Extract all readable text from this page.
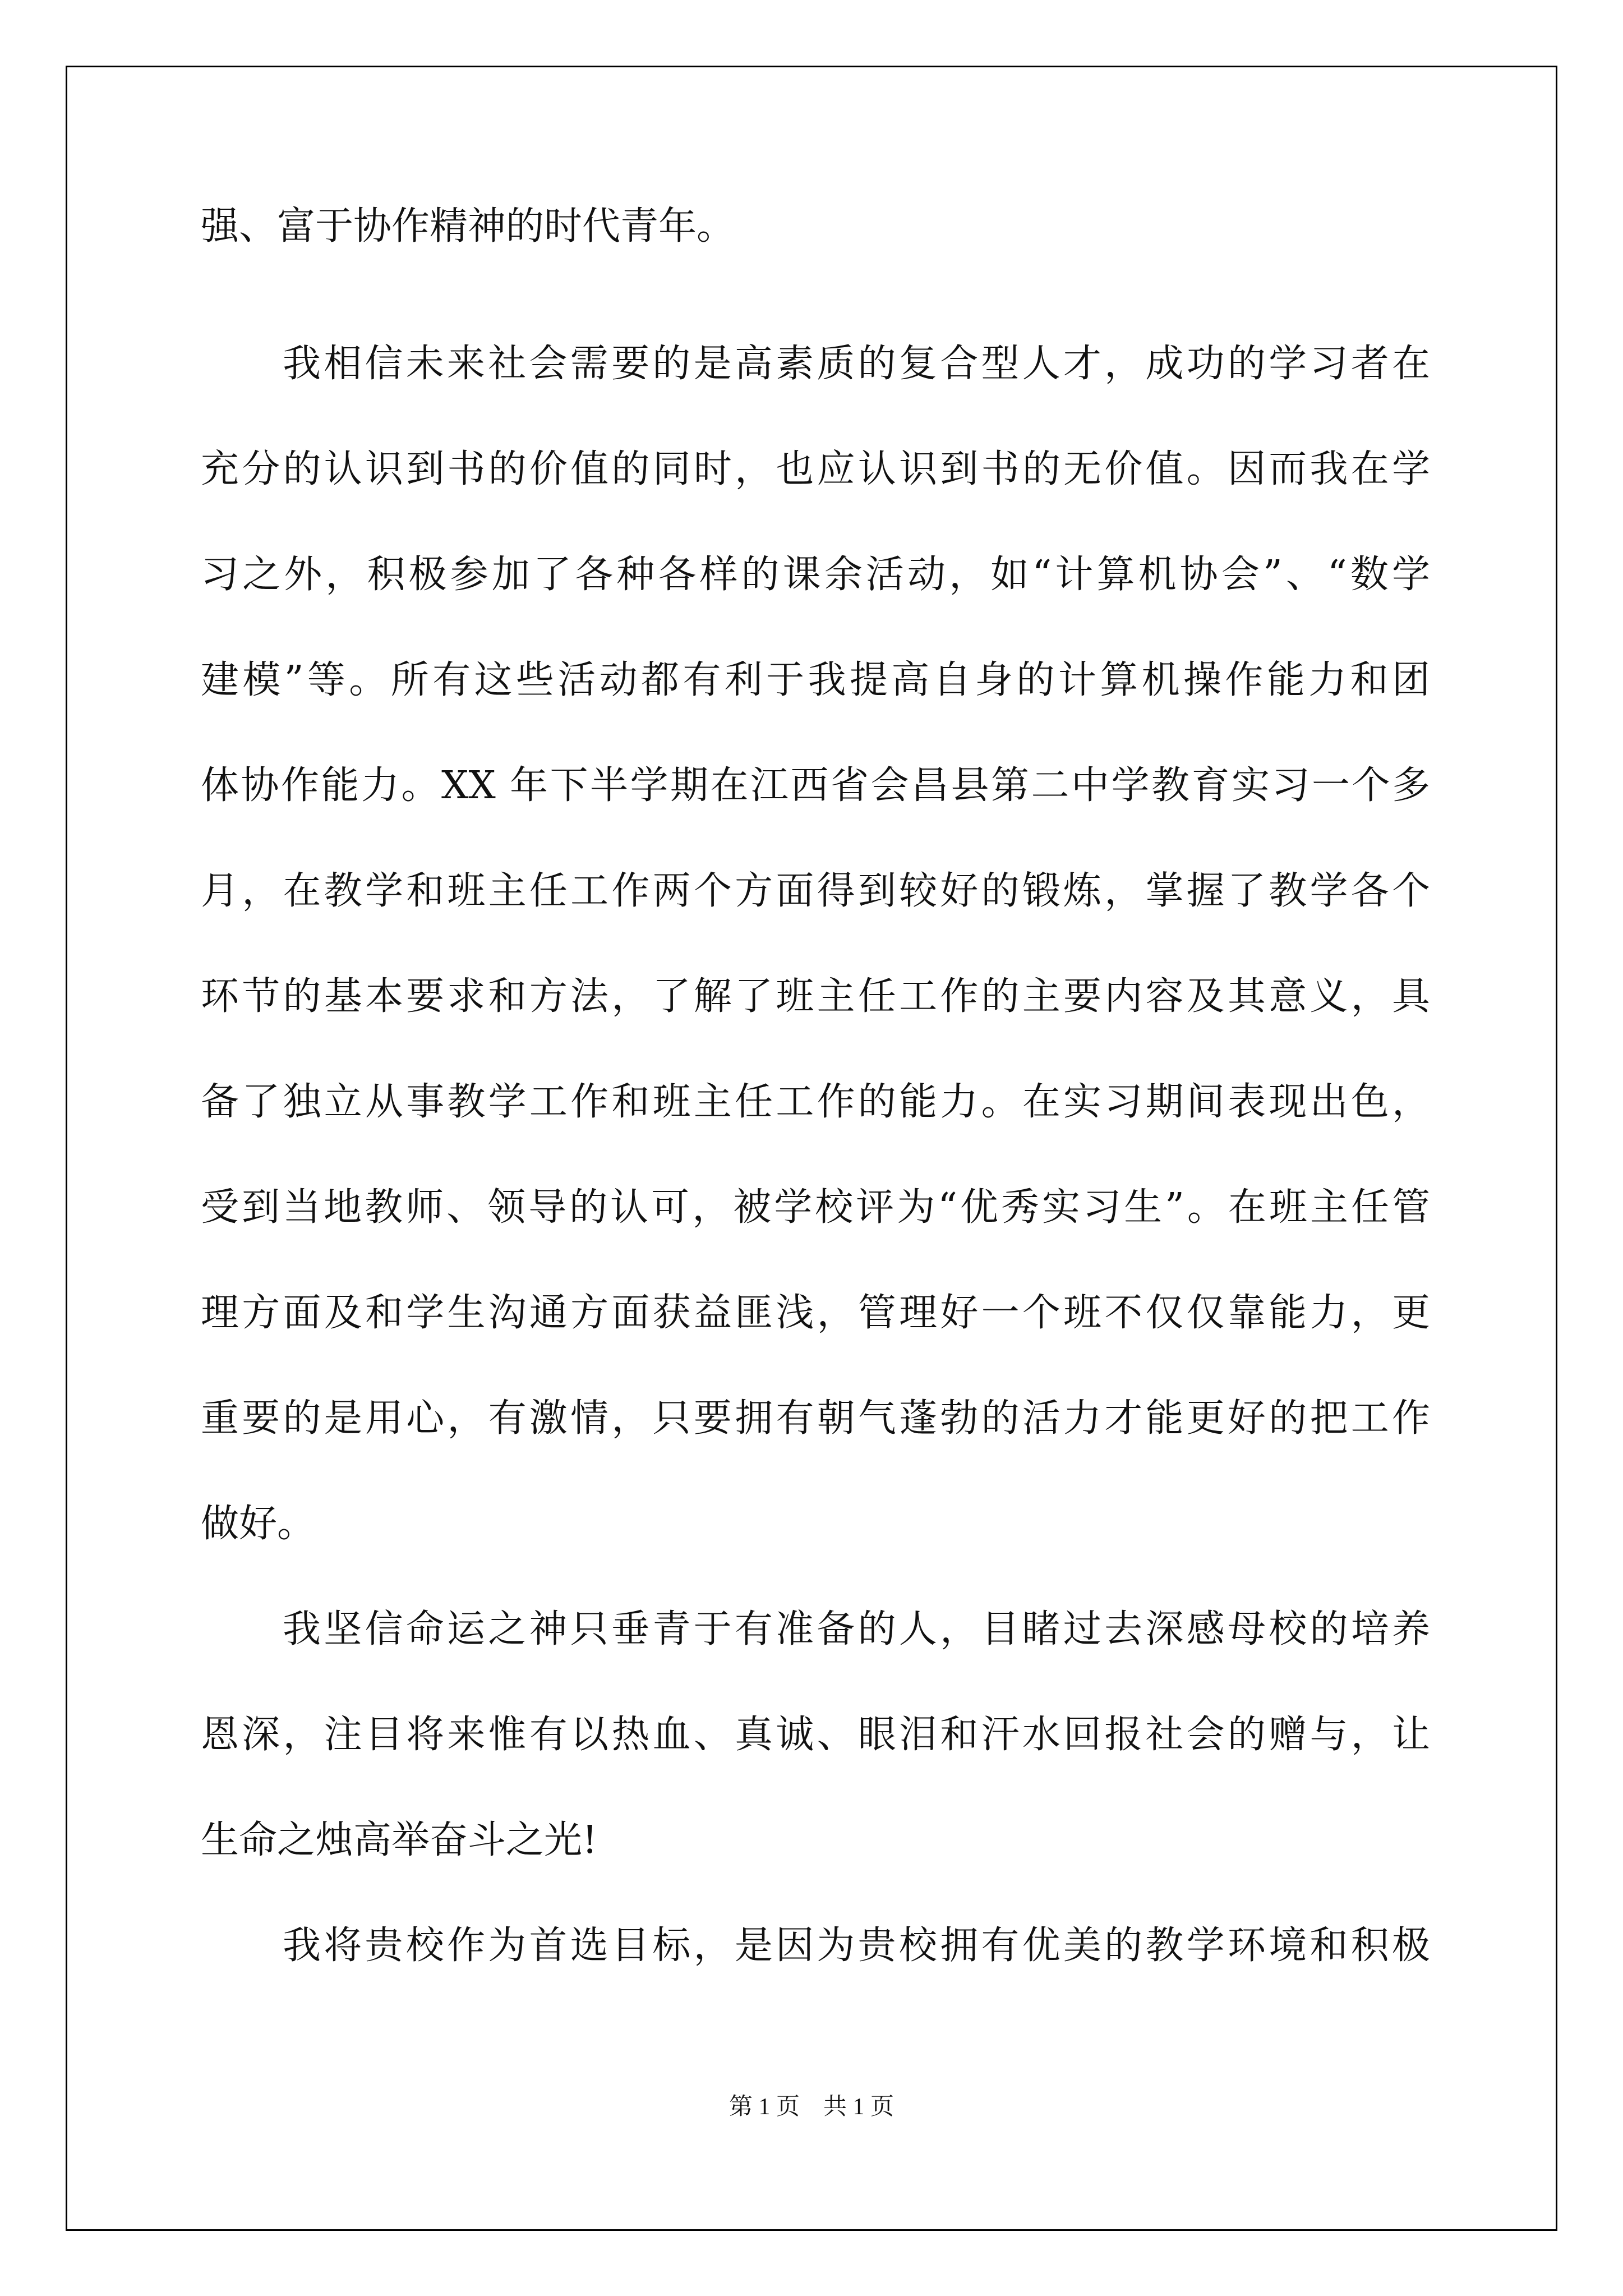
强、富于协作精神的时代青年。
我相信未来社会需要的是高素质的复合型人才，成功的学习者在
充分的认识到书的价值的同时，也应认识到书的无价值。因而我在学
习之外，积极参加了各种各样的课余活动，如“计算机协会”、“数学
建模”等。所有这些活动都有利于我提高自身的计算机操作能力和团
体协作能力。XX 年下半学期在江西省会昌县第二中学教育实习一个多
月，在教学和班主任工作两个方面得到较好的锻炼，掌握了教学各个
环节的基本要求和方法，了解了班主任工作的主要内容及其意义，具
备了独立从事教学工作和班主任工作的能力。在实习期间表现出色，
受到当地教师、领导的认可，被学校评为“优秀实习生”。在班主任管
理方面及和学生沟通方面获益匪浅，管理好一个班不仅仅靠能力，更
重要的是用心，有激情，只要拥有朝气蓬勃的活力才能更好的把工作
做好。
我坚信命运之神只垂青于有准备的人，目睹过去深感母校的培养
恩深，注目将来惟有以热血、真诚、眼泪和汗水回报社会的赠与，让
生命之烛高举奋斗之光!
我将贵校作为首选目标，是因为贵校拥有优美的教学环境和积极
第 1 页　共 1 页
